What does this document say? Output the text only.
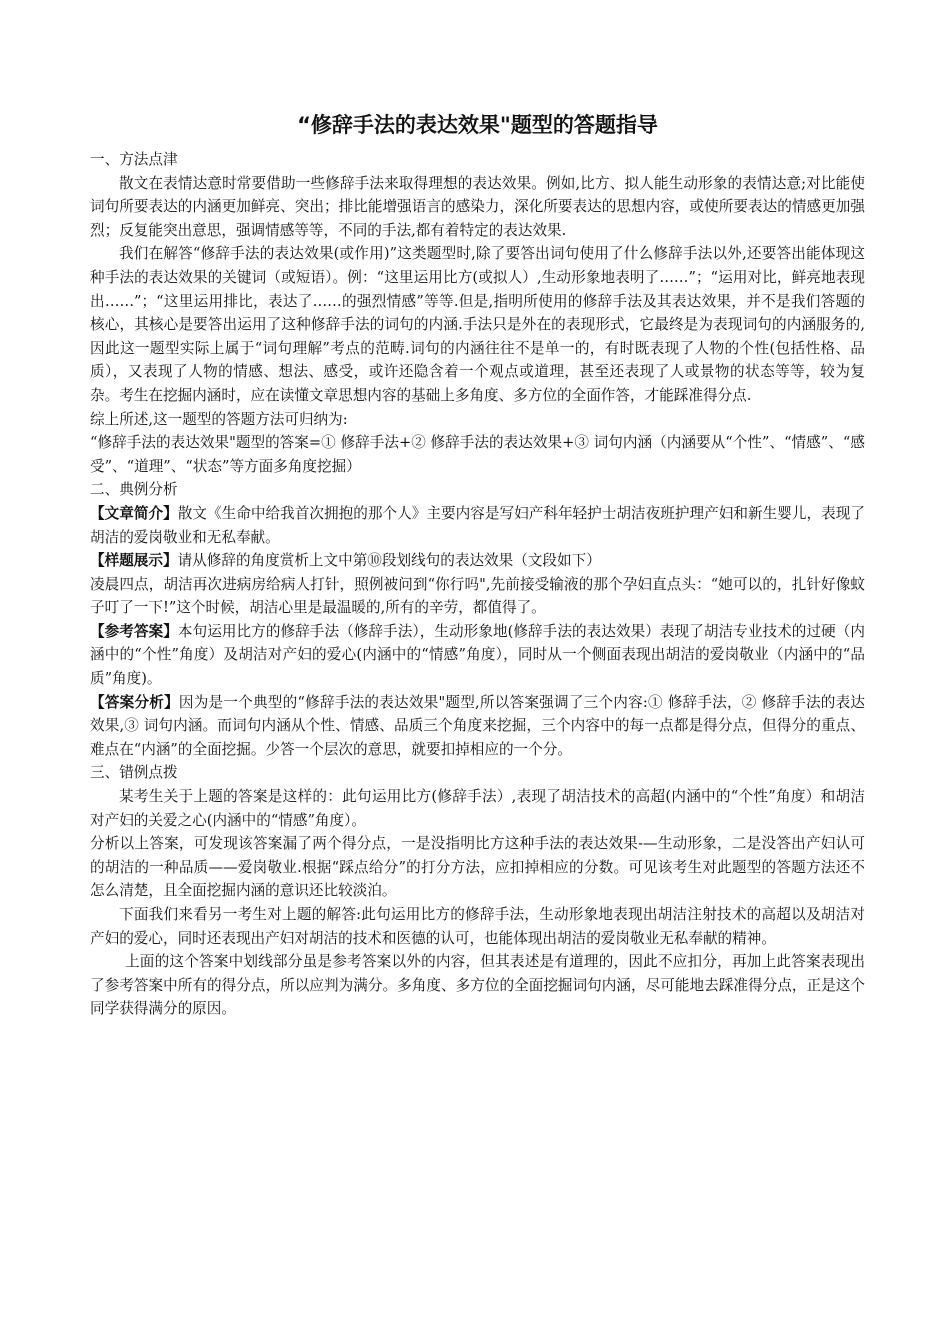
“修辞手法的表达效果"题型的答题指导

一、方法点津

散文在表情达意时常要借助一些修辞手法来取得理想的表达效果。例如,比方、拟人能生动形象的表情达意;对比能使词句所要表达的内涵更加鲜亮、突出；排比能增强语言的感染力，深化所要表达的思想内容，或使所要表达的情感更加强烈；反复能突出意思，强调情感等等，不同的手法,都有着特定的表达效果.

我们在解答“修辞手法的表达效果(或作用)”这类题型时,除了要答出词句使用了什么修辞手法以外,还要答出能体现这种手法的表达效果的关键词（或短语）。例：“这里运用比方(或拟人）,生动形象地表明了……”；“运用对比，鲜亮地表现出……”；“这里运用排比，表达了……的强烈情感”等等.但是,指明所使用的修辞手法及其表达效果，并不是我们答题的核心，其核心是要答出运用了这种修辞手法的词句的内涵.手法只是外在的表现形式，它最终是为表现词句的内涵服务的,因此这一题型实际上属于“词句理解”考点的范畴.词句的内涵往往不是单一的，有时既表现了人物的个性(包括性格、品质），又表现了人物的情感、想法、感受，或许还隐含着一个观点或道理，甚至还表现了人或景物的状态等等，较为复杂。考生在挖掘内涵时，应在读懂文章思想内容的基础上多角度、多方位的全面作答，才能踩准得分点.

综上所述,这一题型的答题方法可归纳为:

“修辞手法的表达效果"题型的答案=① 修辞手法+② 修辞手法的表达效果+③ 词句内涵（内涵要从“个性”、“情感”、“感受”、“道理”、“状态”等方面多角度挖掘）

二、典例分析

【文章简介】散文《生命中给我首次拥抱的那个人》主要内容是写妇产科年轻护士胡洁夜班护理产妇和新生婴儿，表现了胡洁的爱岗敬业和无私奉献。

【样题展示】请从修辞的角度赏析上文中第⑩段划线句的表达效果（文段如下）

凌晨四点，胡洁再次进病房给病人打针，照例被问到“你行吗",先前接受输液的那个孕妇直点头：“她可以的，扎针好像蚊子叮了一下!”这个时候，胡洁心里是最温暖的,所有的辛劳，都值得了。

【参考答案】本句运用比方的修辞手法（修辞手法），生动形象地(修辞手法的表达效果）表现了胡洁专业技术的过硬（内涵中的“个性”角度）及胡洁对产妇的爱心(内涵中的“情感”角度），同时从一个侧面表现出胡洁的爱岗敬业（内涵中的“品质”角度)。

【答案分析】因为是一个典型的“修辞手法的表达效果"题型,所以答案强调了三个内容:① 修辞手法，② 修辞手法的表达效果,③ 词句内涵。而词句内涵从个性、情感、品质三个角度来挖掘，三个内容中的每一点都是得分点，但得分的重点、难点在“内涵”的全面挖掘。少答一个层次的意思，就要扣掉相应的一个分。

三、错例点拨

某考生关于上题的答案是这样的：此句运用比方(修辞手法）,表现了胡洁技术的高超(内涵中的“个性”角度）和胡洁对产妇的关爱之心(内涵中的“情感”角度）。

分析以上答案，可发现该答案漏了两个得分点，一是没指明比方这种手法的表达效果-—生动形象，二是没答出产妇认可的胡洁的一种品质——爱岗敬业.根据“踩点给分”的打分方法，应扣掉相应的分数。可见该考生对此题型的答题方法还不怎么清楚，且全面挖掘内涵的意识还比较淡泊。

下面我们来看另一考生对上题的解答:此句运用比方的修辞手法，生动形象地表现出胡洁注射技术的高超以及胡洁对产妇的爱心，同时还表现出产妇对胡洁的技术和医德的认可，也能体现出胡洁的爱岗敬业无私奉献的精神。

上面的这个答案中划线部分虽是参考答案以外的内容，但其表述是有道理的，因此不应扣分，再加上此答案表现出了参考答案中所有的得分点，所以应判为满分。多角度、多方位的全面挖掘词句内涵，尽可能地去踩准得分点，正是这个同学获得满分的原因。
